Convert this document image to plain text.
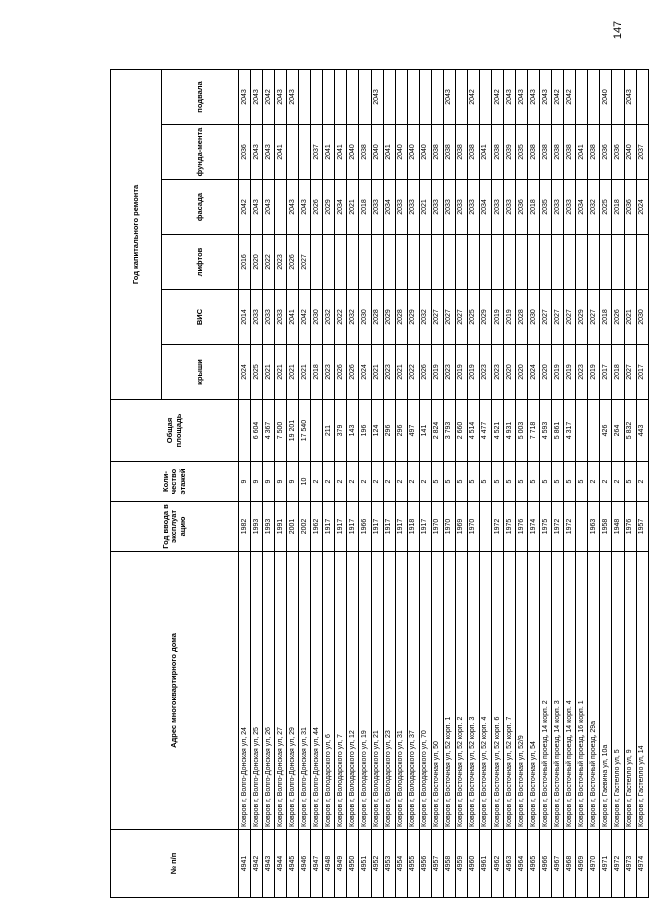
147
№ п/п	Адрес многоквартирного дома	Год ввода в эксплуат ацию	Коли-чество этажей	Общая площадь	Год капитального ремонта					
					крыши	ВИС	лифтов	фасада	фунда-мента	подвала
4941	Ковров г, Волго-Донская ул, 24	1982	9		2024	2014	2016	2042	2036	2043
4942	Ковров г, Волго-Донская ул, 25	1993	9	6 604	2025	2033	2020	2043	2043	2043
4943	Ковров г, Волго-Донская ул, 26	1993	9	4 367	2021	2033	2022	2043	2043	2042
4944	Ковров г, Волго-Донская ул, 27	1991	9	7 500	2021	2033	2023		2041	2043
4945	Ковров г, Волго-Донская ул, 29	2001	9	19 201	2021	2041	2026	2043		2043
4946	Ковров г, Волго-Донская ул, 31	2002	10	17 540	2021	2042	2027	2043		
4947	Ковров г, Волго-Донская ул, 44	1962	2		2018	2030		2026	2037	
4948	Ковров г, Володарского ул, 6	1917	2	211	2023	2032		2029	2041	
4949	Ковров г, Володарского ул, 7	1917	2	379	2026	2022		2034	2041	
4950	Ковров г, Володарского ул, 12	1917	2	143	2026	2032		2021	2040	
4951	Ковров г, Володарского ул, 19	1966	2	196	2024	2030		2018	2038	
4952	Ковров г, Володарского ул, 21	1917	2	124	2021	2028		2033	2040	2043
4953	Ковров г, Володарского ул, 23	1917	2	296	2023	2029		2034	2041	
4954	Ковров г, Володарского ул, 31	1917	2	296	2021	2028		2033	2040	
4955	Ковров г, Володарского ул, 37	1918	2	497	2022	2029		2033	2040	
4956	Ковров г, Володарского ул, 70	1917	2	141	2026	2032		2021	2040	
4957	Ковров г, Восточная ул, 50	1970	5	2 824	2019	2027		2033	2038	
4958	Ковров г, Восточная ул, 52 корп. 1	1970	5	3 793	2023	2027		2033	2038	2043
4959	Ковров г, Восточная ул, 52 корп. 2	1969	5	2 660	2019	2027		2033	2038	
4960	Ковров г, Восточная ул, 52 корп. 3	1970	5	4 514	2019	2025		2033	2038	2042
4961	Ковров г, Восточная ул, 52 корп. 4		5	4 477	2023	2029		2034	2041	
4962	Ковров г, Восточная ул, 52 корп. 6	1972	5	4 521	2023	2019		2033	2038	2042
4963	Ковров г, Восточная ул, 52 корп. 7	1975	5	4 931	2020	2019		2033	2039	2043
4964	Ковров г, Восточная ул, 52/9	1976	5	5 003	2020	2028		2036	2035	2043
4965	Ковров г, Восточная ул, 54	1974	5	7 718	2024	2030		2018	2038	2043
4966	Ковров г, Восточный проезд, 14 корп. 2	1975	5	4 593	2020	2027		2035	2038	2043
4967	Ковров г, Восточный проезд, 14 корп. 3	1972	5	5 861	2019	2027		2033	2038	2042
4968	Ковров г, Восточный проезд, 14 корп. 4	1972	5	4 317	2019	2027		2033	2038	2042
4969	Ковров г, Восточный проезд, 16 корп. 1		5		2023	2029		2034	2041	
4970	Ковров г, Восточный проезд, 29а	1963	2		2019	2027		2032	2038	
4971	Ковров г, Гаевина ул, 10а	1958	2	426	2017	2018		2025	2036	2040
4972	Ковров г, Гастелло ул, 5	1948	2	264	2018	2026		2018	2036	
4973	Ковров г, Гастелло ул, 9	1976	5	5 832	2027	2021		2036	2040	2043
4974	Ковров г, Гастелло ул, 14	1957	2	443	2017	2030		2024	2037	
